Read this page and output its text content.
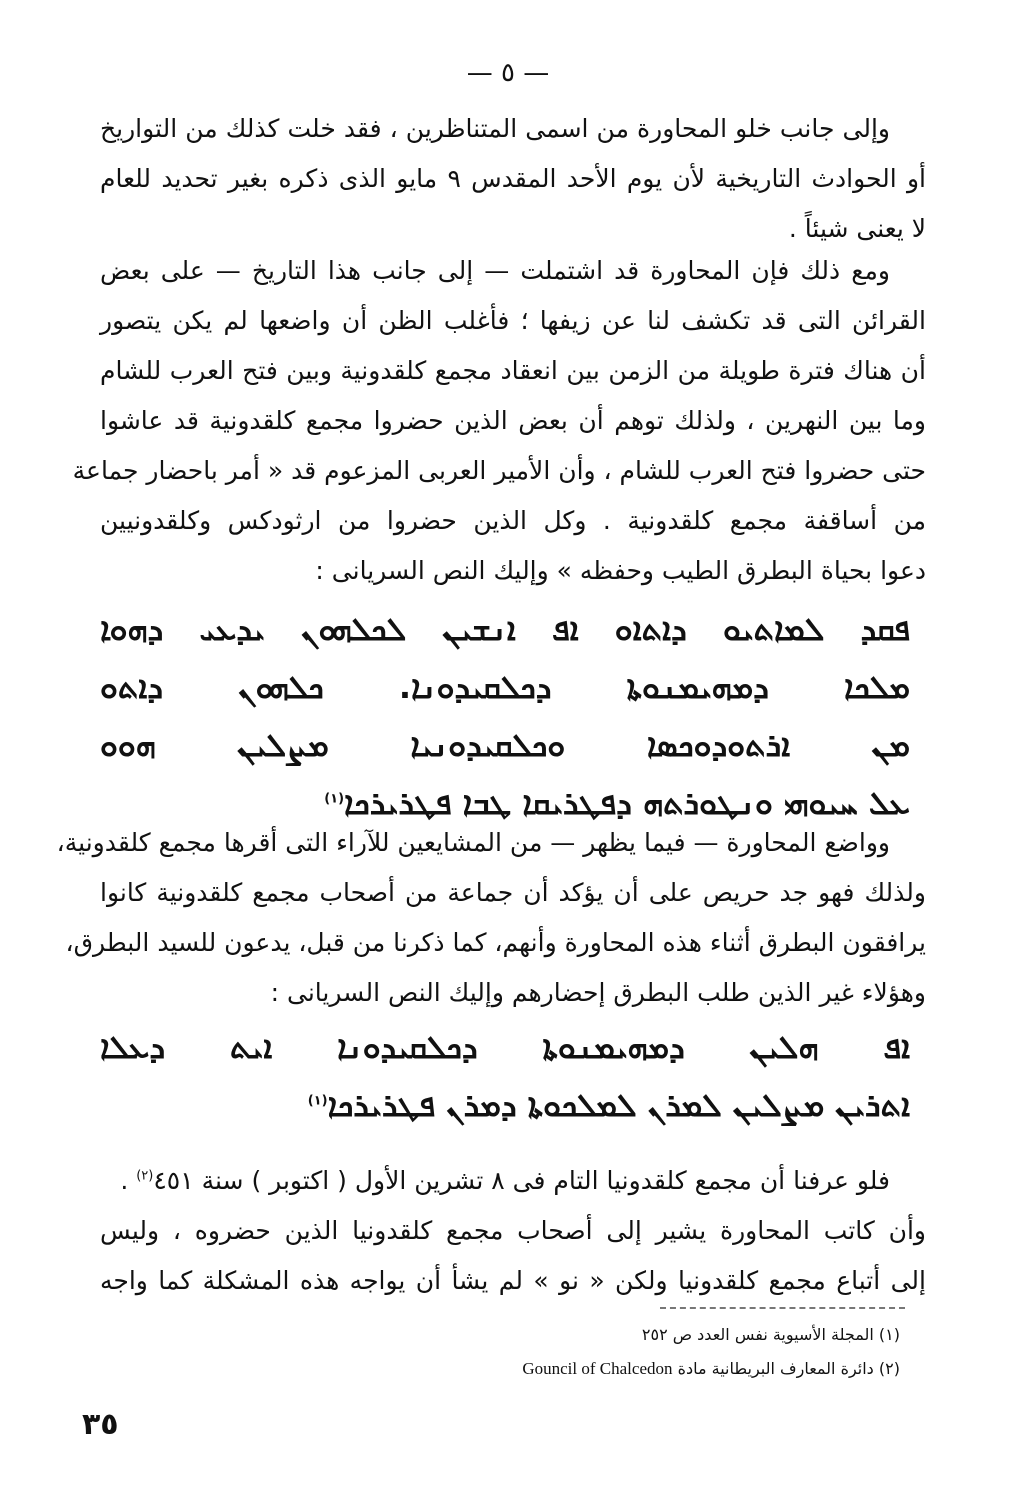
— ٥ —
وإلى جانب خلو المحاورة من اسمى المتناظرين ، فقد خلت كذلك من التواريخ
أو الحوادث التاريخية لأن يوم الأحد المقدس ٩ مايو الذى ذكره بغير تحديد للعام
لا يعنى شيئاً .
ومع ذلك فإن المحاورة قد اشتملت — إلى جانب هذا التاريخ — على بعض
القرائن التى قد تكشف لنا عن زيفها ؛ فأغلب الظن أن واضعها لم يكن يتصور
أن هناك فترة طويلة من الزمن بين انعقاد مجمع كلقدونية وبين فتح العرب للشام
وما بين النهرين ، ولذلك توهم أن بعض الذين حضروا مجمع كلقدونية قد عاشوا
حتى حضروا فتح العرب للشام ، وأن الأمير العربى المزعوم قد « أمر باحضار جماعة
من أساقفة مجمع كلقدونية . وكل الذين حضروا من ارثودكس وكلقدونيين
دعوا بحياة البطرق الطيب وحفظه » وإليك النص السريانى :
ܦܩܕ ܠܡܐܬܝܘ ܕܐܬܐܘ ܐܦ ܐܢܫܝܢ ܠܟܠܗܘܢ ܝܕܥܝ ܕܗܘܐ
ܡܠܟܐ ܕܡܗܝܡܢܘܬܐ ܕܟܠܩܝܕܘܢܐ. ܟܠܗܘܢ ܕܐܬܘ
ܡܢ ܐܪܬܘܕܘܟܣܐ ܘܟܠܩܝܕܘܢܝܐ ܡܨܠܝܢ ܗܘܘ
ܥܠ ܚܝܘܗܝ ܘܢܛܘܪܬܗ ܕܦܛܪܝܩܐ ܛܒܐ ܦܛܪܝܪܟܐ$^{(١)}$
وواضع المحاورة — فيما يظهر — من المشايعين للآراء التى أقرها مجمع كلقدونية،
ولذلك فهو جد حريص على أن يؤكد أن جماعة من أصحاب مجمع كلقدونية كانوا
يرافقون البطرق أثناء هذه المحاورة وأنهم، كما ذكرنا من قبل، يدعون للسيد البطرق،
وهؤلاء غير الذين طلب البطرق إحضارهم وإليك النص السريانى :
ܐܦ ܗܠܝܢ ܕܡܗܝܡܢܘܬܐ ܕܟܠܩܝܕܘܢܐ ܐܝܬ ܕܥܠܐ
ܐܬܪܝܢ ܡܨܠܝܢ ܠܡܪܢ ܠܡܠܟܘܬܐ ܕܡܪܢ ܦܛܪܝܪܟܐ$^{(١)}$
فلو عرفنا أن مجمع كلقدونيا التام فى ٨ تشرين الأول ( اكتوبر ) سنة ٤٥١$^{(٢)}$ .
وأن كاتب المحاورة يشير إلى أصحاب مجمع كلقدونيا الذين حضروه ، وليس
إلى أتباع مجمع كلقدونيا ولكن « نو » لم يشأ أن يواجه هذه المشكلة كما واجه
(١) المجلة الأسيوية نفس العدد ص ٢٥٢
(٢) دائرة المعارف البريطانية مادة Gouncil of Chalcedon
٣٥
